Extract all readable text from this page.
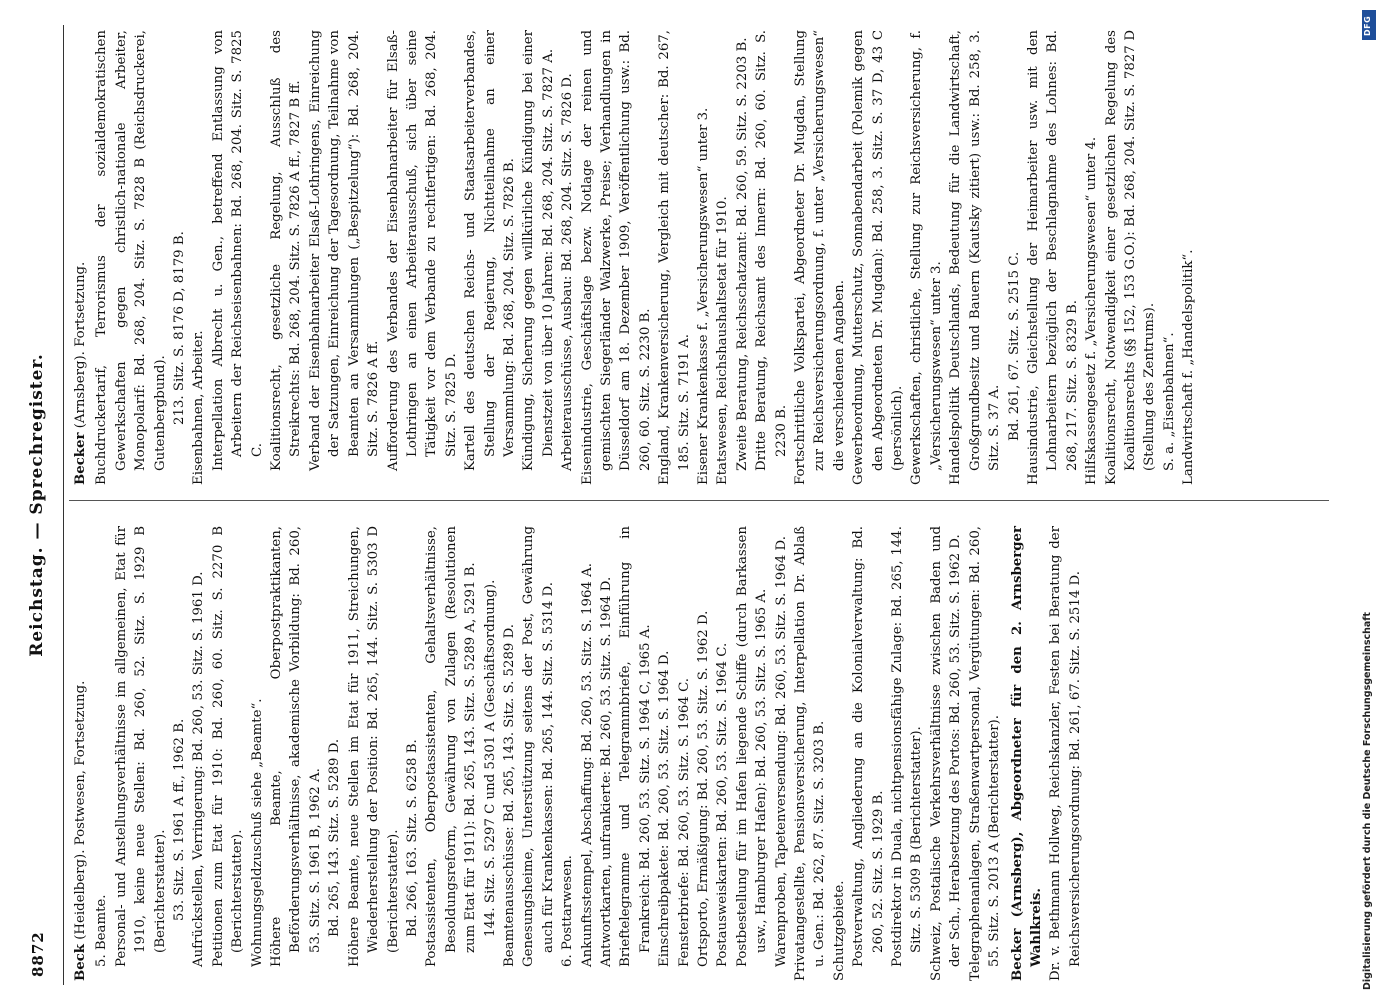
8872
Reichstag. — Sprechregister.
Beck (Heidelberg). Postwesen, Fortsetzung. 5. Beamte. Personal- und Anstellungsverhältnisse im allgemeinen, Etat für 1910, keine neue Stellen: Bd. 260, 52. Sitz. S. 1929 B (Berichterstatter). 53. Sitz. S. 1961 A ff., 1962 B. Aufrückstellen, Verringerung: Bd. 260, 53. Sitz. S. 1961 D. Petitionen zum Etat für 1910: Bd. 260, 60. Sitz. S. 2270 B (Berichterstatter). Wohnungsgeldzuschuß siehe „Beamte“. Höhere Beamte, Oberpostpraktikanten, Beförderungsverhältnisse, akademische Vorbildung: Bd. 260, 53. Sitz. S. 1961 B, 1962 A. Bd. 265, 143. Sitz. S. 5289 D. Höhere Beamte, neue Stellen im Etat für 1911, Streichungen, Wiederherstellung der Position: Bd. 265, 144. Sitz. S. 5303 D (Berichterstatter). Bd. 266, 163. Sitz. S. 6258 B. Postassistenten, Oberpostassistenten, Gehaltsverhältnisse, Besoldungsreform, Gewährung von Zulagen (Resolutionen zum Etat für 1911): Bd. 265, 143. Sitz. S. 5289 A, 5291 B. 144. Sitz. S. 5297 C und 5301 A (Geschäftsordnung). Beamtenausschüsse: Bd. 265, 143. Sitz. S. 5289 D. Genesungsheime, Unterstützung seitens der Post, Gewährung auch für Krankenkassen: Bd. 265, 144. Sitz. S. 5314 D. 6. Posttarwesen. Ankunftsstempel, Abschaffung: Bd. 260, 53. Sitz. S. 1964 A. Antwortkarten, unfrankierte: Bd. 260, 53. Sitz. S. 1964 D. Brieftelegramme und Telegrammbriefe, Einführung in Frankreich: Bd. 260, 53. Sitz. S. 1964 C, 1965 A. Einschreibpakete: Bd. 260, 53. Sitz. S. 1964 D. Fensterbriefe: Bd. 260, 53. Sitz. S. 1964 C. Ortsporto, Ermäßigung: Bd. 260, 53. Sitz. S. 1962 D. Postausweiskarten: Bd. 260, 53. Sitz. S. 1964 C. Postbestellung für im Hafen liegende Schiffe (durch Barkassen usw., Hamburger Hafen): Bd. 260, 53. Sitz. S. 1965 A. Warenproben, Tapetenversendung: Bd. 260, 53. Sitz. S. 1964 D. Privatangestellte, Pensionsversicherung, Interpellation Dr. Ablaß u. Gen.: Bd. 262, 87. Sitz. S. 3203 B. Schutzgebiete. Postverwaltung, Angliederung an die Kolonialverwaltung: Bd. 260, 52. Sitz. S. 1929 B. Postdirektor in Duala, nichtpensionsfähige Zulage: Bd. 265, 144. Sitz. S. 5309 B (Berichterstatter). Schweiz, Postalische Verkehrsverhältnisse zwischen Baden und der Sch., Herabsetzung des Portos: Bd. 260, 53. Sitz. S. 1962 D. Telegraphenanlagen, Straßenwartpersonal, Vergütungen: Bd. 260, 55. Sitz. S. 2013 A (Berichterstatter). Becker (Arnsberg), Abgeordneter für den 2. Arnsberger Wahlkreis. Dr. v. Bethmann Hollweg, Reichskanzler, Festen bei Beratung der Reichsversicherungsordnung: Bd. 261, 67. Sitz. S. 2514 D.

Becker (Arnsberg). Fortsetzung. Buchdruckertarif, Terrorismus der sozialdemokratischen Gewerkschaften gegen christlich-nationale Arbeiter, Monopolarif: Bd. 268, 204. Sitz. S. 7828 B (Reichsdruckerei, Gutenbergbund). 213. Sitz. S. 8176 D, 8179 B. Eisenbahnen, Arbeiter. Interpellation Albrecht u. Gen., betreffend Entlassung von Arbeitern der Reichseisenbahnen: Bd. 268, 204. Sitz. S. 7825 C. Koalitionsrecht, gesetzliche Regelung, Ausschluß des Streikrechts: Bd. 268, 204. Sitz. S. 7826 A ff., 7827 B ff. Verband der Eisenbahnarbeiter Elsaß-Lothringens, Einreichung der Satzungen, Einreichung der Tagesordnung, Teilnahme von Beamten an Versammlungen („Bespitzelung“): Bd. 268, 204. Sitz. S. 7826 A ff. Aufforderung des Verbandes der Eisenbahnarbeiter für Elsaß-Lothringen an einen Arbeiterausschuß, sich über seine Tätigkeit vor dem Verbande zu rechtfertigen: Bd. 268, 204. Sitz. S. 7825 D. Kartell des deutschen Reichs- und Staatsarbeiterverbandes, Stellung der Regierung, Nichtteilnahme an einer Versammlung: Bd. 268, 204. Sitz. S. 7826 B. Kündigung, Sicherung gegen willkürliche Kündigung bei einer Dienstzeit von über 10 Jahren: Bd. 268, 204. Sitz. S. 7827 A. Arbeiterausschüsse, Ausbau: Bd. 268, 204. Sitz. S. 7826 D. Eisenindustrie, Geschäftslage bezw. Notlage der reinen und gemischten Siegerländer Walzwerke, Preise; Verhandlungen in Düsseldorf am 18. Dezember 1909, Veröffentlichung usw.: Bd. 260, 60. Sitz. S. 2230 B. England, Krankenversicherung, Vergleich mit deutscher: Bd. 267, 185. Sitz. S. 7191 A. Eisener Krankenkasse f. „Versicherungswesen“ unter 3. Etatswesen, Reichshaushaltsetat für 1910. Zweite Beratung, Reichsschatzamt: Bd. 260, 59. Sitz. S. 2203 B. Dritte Beratung, Reichsamt des Innern: Bd. 260, 60. Sitz. S. 2230 B. Fortschrittliche Volkspartei, Abgeordneter Dr. Mugdan, Stellung zur Reichsversicherungsordnung, f. unter „Versicherungswesen“ die verschiedenen Angaben. Gewerbeordnung, Mutterschutz, Sonnabendarbeit (Polemik gegen den Abgeordneten Dr. Mugdan): Bd. 258, 3. Sitz. S. 37 D, 43 C (persönlich). Gewerkschaften, christliche, Stellung zur Reichsversicherung, f. „Versicherungswesen“ unter 3. Handelspolitik Deutschlands, Bedeutung für die Landwirtschaft, Großgrundbesitz und Bauern (Kautsky zitiert) usw.: Bd. 258, 3. Sitz. S. 37 A. Bd. 261, 67. Sitz. S. 2515 C. Hausindustrie, Gleichstellung der Heimarbeiter usw. mit den Lohnarbeitern bezüglich der Beschlagnahme des Lohnes: Bd. 268, 217. Sitz. S. 8329 B. Hilfskassengesetz f. „Versicherungswesen“ unter 4. Koalitionsrecht, Notwendigkeit einer gesetzlichen Regelung des Koalitionsrechts (§§ 152, 153 G.O.): Bd. 268, 204. Sitz. S. 7827 D (Stellung des Zentrums). S. a. „Eisenbahnen“. Landwirtschaft f. „Handelspolitik“.

Digitalisierung gefördert durch die Deutsche Forschungsgemeinschaft
DFG
